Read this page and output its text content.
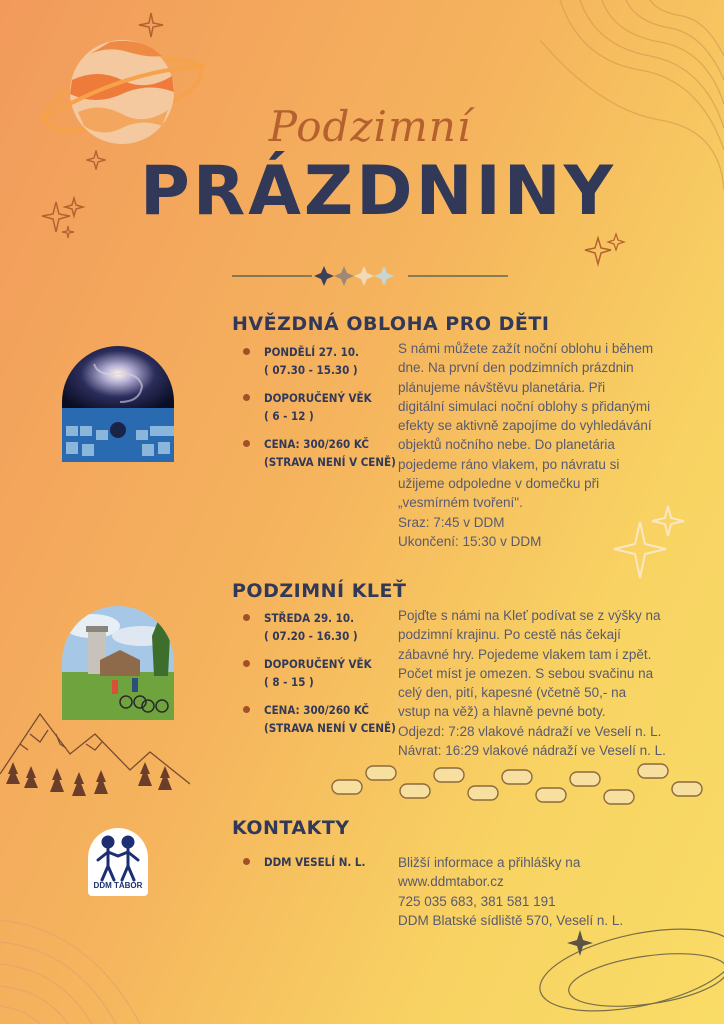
Podzimní
PRÁZDNINY
HVĚZDNÁ OBLOHA PRO DĚTI
PONDĚLÍ 27. 10.
( 07.30 - 15.30 )
DOPORUČENÝ VĚK
( 6 - 12 )
CENA: 300/260 KČ
(STRAVA NENÍ V CENĚ)

S námi můžete zažít noční oblohu i během

dne. Na první den podzimních prázdnin

plánujeme návštěvu planetária. Při

digitální simulaci noční oblohy s přidanými

efekty se aktivně zapojíme do vyhledávání

objektů nočního nebe. Do planetária

pojedeme ráno vlakem, po návratu si

užijeme odpoledne v domečku při

„vesmírném tvoření".

Sraz: 7:45 v DDM

Ukončení: 15:30 v DDM

PODZIMNÍ KLEŤ
STŘEDA 29. 10.
( 07.20 - 16.30 )
DOPORUČENÝ VĚK
( 8 - 15 )
CENA: 300/260 KČ
(STRAVA NENÍ V CENĚ)

Pojďte s námi na Kleť podívat se z výšky na

podzimní krajinu. Po cestě nás čekají

zábavné hry. Pojedeme vlakem tam i zpět.

Počet míst je omezen. S sebou svačinu na

celý den, pití, kapesné (včetně 50,- na

vstup na věž) a hlavně pevné boty.

Odjezd: 7:28 vlakové nádraží ve Veselí n. L.

Návrat: 16:29 vlakové nádraží ve Veselí n. L.

KONTAKTY
DDM TÁBOR
DDM VESELÍ N. L.	Bližší informace a přihlášky na

www.ddmtabor.cz

725 035 683, 381 581 191

DDM Blatské sídliště 570, Veselí n. L.
